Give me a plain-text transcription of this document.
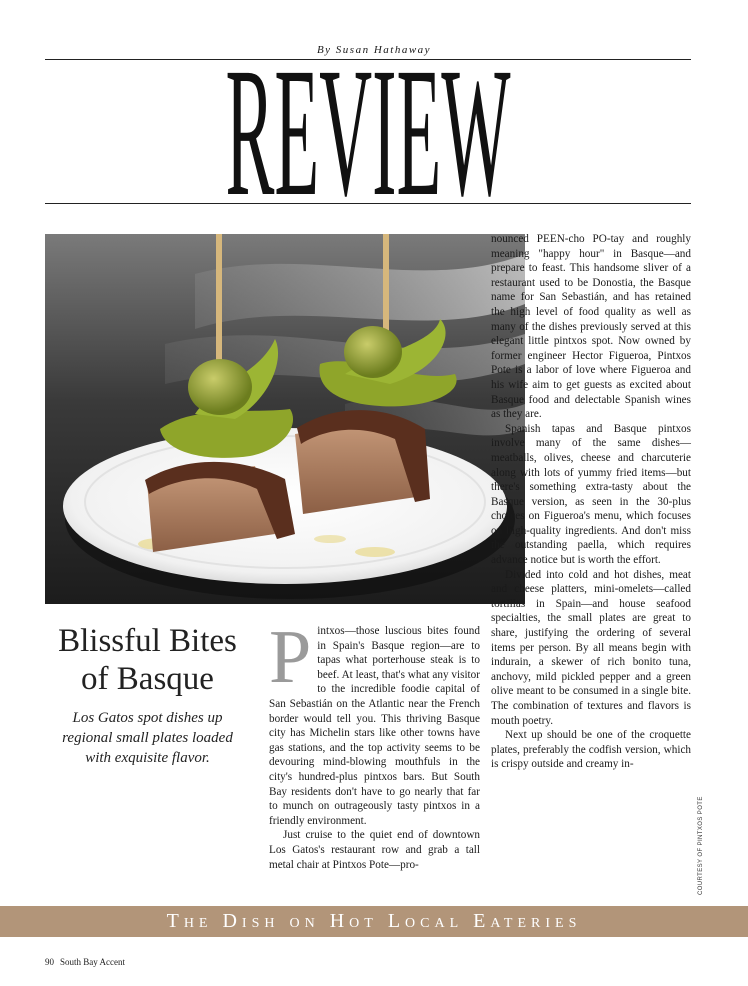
By Susan Hathaway
REVIEW
COURTESY OF PINTXOS POTE
Blissful Bites of Basque
Los Gatos spot dishes up regional small plates loaded with exquisite flavor.

Pintxos—those luscious bites found in Spain's Basque region—are to tapas what porterhouse steak is to beef. At least, that's what any visitor to the incredible foodie capital of San Sebastián on the Atlantic near the French border would tell you. This thriving Basque city has Michelin stars like other towns have gas stations, and the top activity seems to be devouring mind-blowing mouthfuls in the city's hundred-plus pintxos bars. But South Bay residents don't have to go nearly that far to munch on outrageously tasty pintxos in a friendly environment.

Just cruise to the quiet end of downtown Los Gatos's restaurant row and grab a tall metal chair at Pintxos Pote—pro-

nounced PEEN-cho PO-tay and roughly meaning "happy hour" in Basque—and prepare to feast. This handsome sliver of a restaurant used to be Donostia, the Basque name for San Sebastián, and has retained the high level of food quality as well as many of the dishes previously served at this elegant little pintxos spot. Now owned by former engineer Hector Figueroa, Pintxos Pote is a labor of love where Figueroa and his wife aim to get guests as excited about Basque food and delectable Spanish wines as they are.

Spanish tapas and Basque pintxos involve many of the same dishes—meatballs, olives, cheese and charcuterie along with lots of yummy fried items—but there's something extra-tasty about the Basque version, as seen in the 30-plus choices on Figueroa's menu, which focuses on high-quality ingredients. And don't miss the outstanding paella, which requires advance notice but is worth the effort.

Divided into cold and hot dishes, meat and cheese platters, mini-omelets—called tortillas in Spain—and house seafood specialties, the small plates are great to share, justifying the ordering of several items per person. By all means begin with indurain, a skewer of rich bonito tuna, anchovy, mild pickled pepper and a green olive meant to be consumed in a single bite. The combination of textures and flavors is mouth poetry.

Next up should be one of the croquette plates, preferably the codfish version, which is crispy outside and creamy in-

The Dish on Hot Local Eateries
90 South Bay Accent
